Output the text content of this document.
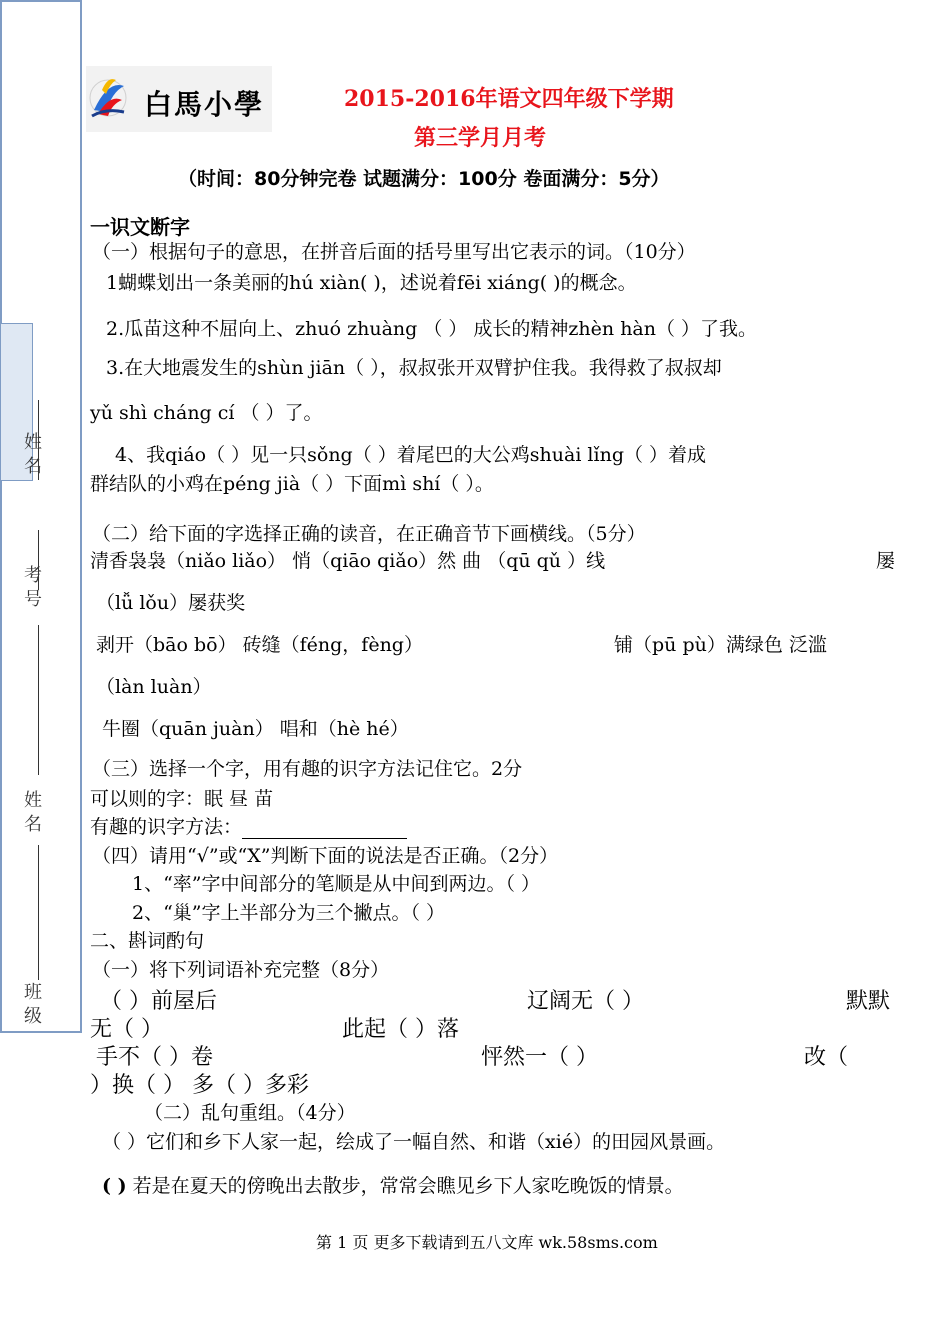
姓名
考号
姓名
班级
白馬小學	2015-2016年语文四年级下学期
第三学月月考
（时间：80分钟完卷 试题满分：100分 卷面满分：5分）
一识文断字
（一）根据句子的意思，在拼音后面的括号里写出它表示的词。（10分）
1蝴蝶划出一条美丽的hú xiàn( )，述说着fēi xiáng( )的概念。
2.瓜苗这种不屈向上、zhuó zhuàng （ ） 成长的精神zhèn hàn（ ）了我。
3.在大地震发生的shùn jiān（ ），叔叔张开双臂护住我。我得救了叔叔却
yǔ shì cháng cí （ ）了。
4、我qiáo（ ）见一只sǒng（ ）着尾巴的大公鸡shuài lǐng（ ）着成
群结队的小鸡在péng jià（ ）下面mì shí（ ）。
（二）给下面的字选择正确的读音，在正确音节下画横线。（5分）
清香袅袅（niǎo liǎo） 悄（qiāo qiǎo）然 曲 （qū qǔ ）线	屡
（lǚ lǒu）屡获奖
剥开（bāo bō） 砖缝（féng，fèng）	铺（pū pù）满绿色 泛滥
（làn luàn）
牛圈（quān juàn） 唱和（hè hé）
（三）选择一个字，用有趣的识字方法记住它。2分
可以则的字：眠 昼 苗
有趣的识字方法：
（四）请用“√”或“X”判断下面的说法是否正确。（2分）
1、“率”字中间部分的笔顺是从中间到两边。（ ）
2、“巢”字上半部分为三个撇点。（ ）
二、斟词酌句
（一）将下列词语补充完整（8分）
（ ）前屋后	辽阔无（ ）	默默
无（ ）	此起（ ）落
手不（ ）卷	怦然一（ ）	改（
）换（ ） 多（ ）多彩
（二）乱句重组。（4分）
（ ）它们和乡下人家一起，绘成了一幅自然、和谐（xié）的田园风景画。
( ) 若是在夏天的傍晚出去散步，常常会瞧见乡下人家吃晚饭的情景。
第 1 页 更多下载请到五八文库 wk.58sms.com
